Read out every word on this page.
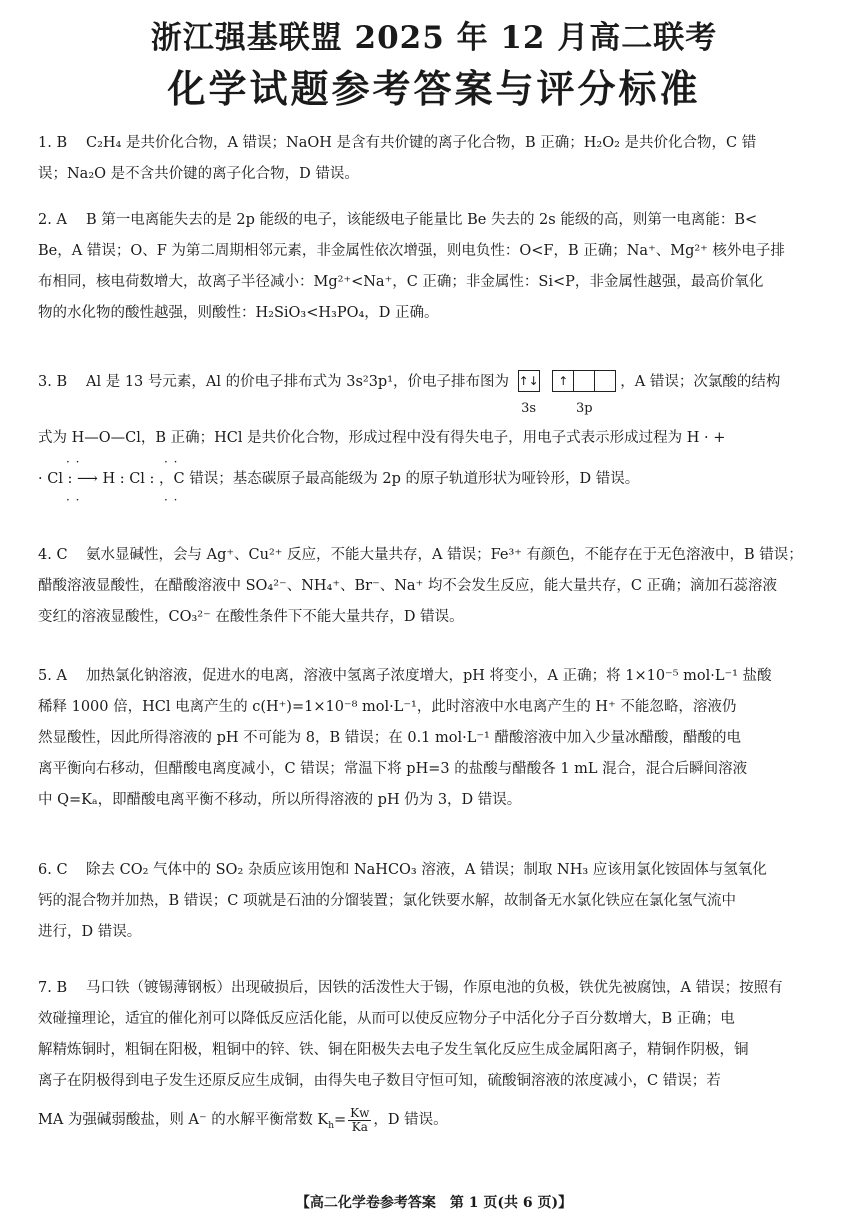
浙江强基联盟 2025 年 12 月高二联考
化学试题参考答案与评分标准
1. B C₂H₄ 是共价化合物，A 错误；NaOH 是含有共价键的离子化合物，B 正确；H₂O₂ 是共价化合物，C 错
误；Na₂O 是不含共价键的离子化合物，D 错误。
2. A B 第一电离能失去的是 2p 能级的电子，该能级电子能量比 Be 失去的 2s 能级的高，则第一电离能：B<
Be，A 错误；O、F 为第二周期相邻元素，非金属性依次增强，则电负性：O<F，B 正确；Na⁺、Mg²⁺ 核外电子排
布相同，核电荷数增大，故离子半径减小：Mg²⁺<Na⁺，C 正确；非金属性：Si<P，非金属性越强，最高价氧化
物的水化物的酸性越强，则酸性：H₂SiO₃<H₃PO₄，D 正确。
3. B Al 是 13 号元素，Al 的价电子排布式为 3s²3p¹，价电子排布图为 ↑↓
3s
↑
3p
，A 错误；次氯酸的结构
式为 H—O—Cl，B 正确；HCl 是共价化合物，形成过程中没有得失电子，用电子式表示形成过程为 H · +
· ·	· ·
· Cl : ⟶ H : Cl : ，C 错误；基态碳原子最高能级为 2p 的原子轨道形状为哑铃形，D 错误。
· ·	· ·
4. C 氨水显碱性，会与 Ag⁺、Cu²⁺ 反应，不能大量共存，A 错误；Fe³⁺ 有颜色，不能存在于无色溶液中，B 错误；
醋酸溶液显酸性，在醋酸溶液中 SO₄²⁻、NH₄⁺、Br⁻、Na⁺ 均不会发生反应，能大量共存，C 正确；滴加石蕊溶液
变红的溶液显酸性，CO₃²⁻ 在酸性条件下不能大量共存，D 错误。
5. A 加热氯化钠溶液，促进水的电离，溶液中氢离子浓度增大，pH 将变小，A 正确；将 1×10⁻⁵ mol·L⁻¹ 盐酸
稀释 1000 倍，HCl 电离产生的 c(H⁺)=1×10⁻⁸ mol·L⁻¹，此时溶液中水电离产生的 H⁺ 不能忽略，溶液仍
然显酸性，因此所得溶液的 pH 不可能为 8，B 错误；在 0.1 mol·L⁻¹ 醋酸溶液中加入少量冰醋酸，醋酸的电
离平衡向右移动，但醋酸电离度减小，C 错误；常温下将 pH=3 的盐酸与醋酸各 1 mL 混合，混合后瞬间溶液
中 Q=Kₐ，即醋酸电离平衡不移动，所以所得溶液的 pH 仍为 3，D 错误。
6. C 除去 CO₂ 气体中的 SO₂ 杂质应该用饱和 NaHCO₃ 溶液，A 错误；制取 NH₃ 应该用氯化铵固体与氢氧化
钙的混合物并加热，B 错误；C 项就是石油的分馏装置；氯化铁要水解，故制备无水氯化铁应在氯化氢气流中
进行，D 错误。
7. B 马口铁（镀锡薄钢板）出现破损后，因铁的活泼性大于锡，作原电池的负极，铁优先被腐蚀，A 错误；按照有
效碰撞理论，适宜的催化剂可以降低反应活化能，从而可以使反应物分子中活化分子百分数增大，B 正确；电
解精炼铜时，粗铜在阳极，粗铜中的锌、铁、铜在阳极失去电子发生氧化反应生成金属阳离子，精铜作阴极，铜
离子在阴极得到电子发生还原反应生成铜，由得失电子数目守恒可知，硫酸铜溶液的浓度减小，C 错误；若
MA 为强碱弱酸盐，则 A⁻ 的水解平衡常数 $K_h= \frac{Kw}{Ka}$ ，D 错误。
【高二化学卷参考答案　第 1 页(共 6 页)】
